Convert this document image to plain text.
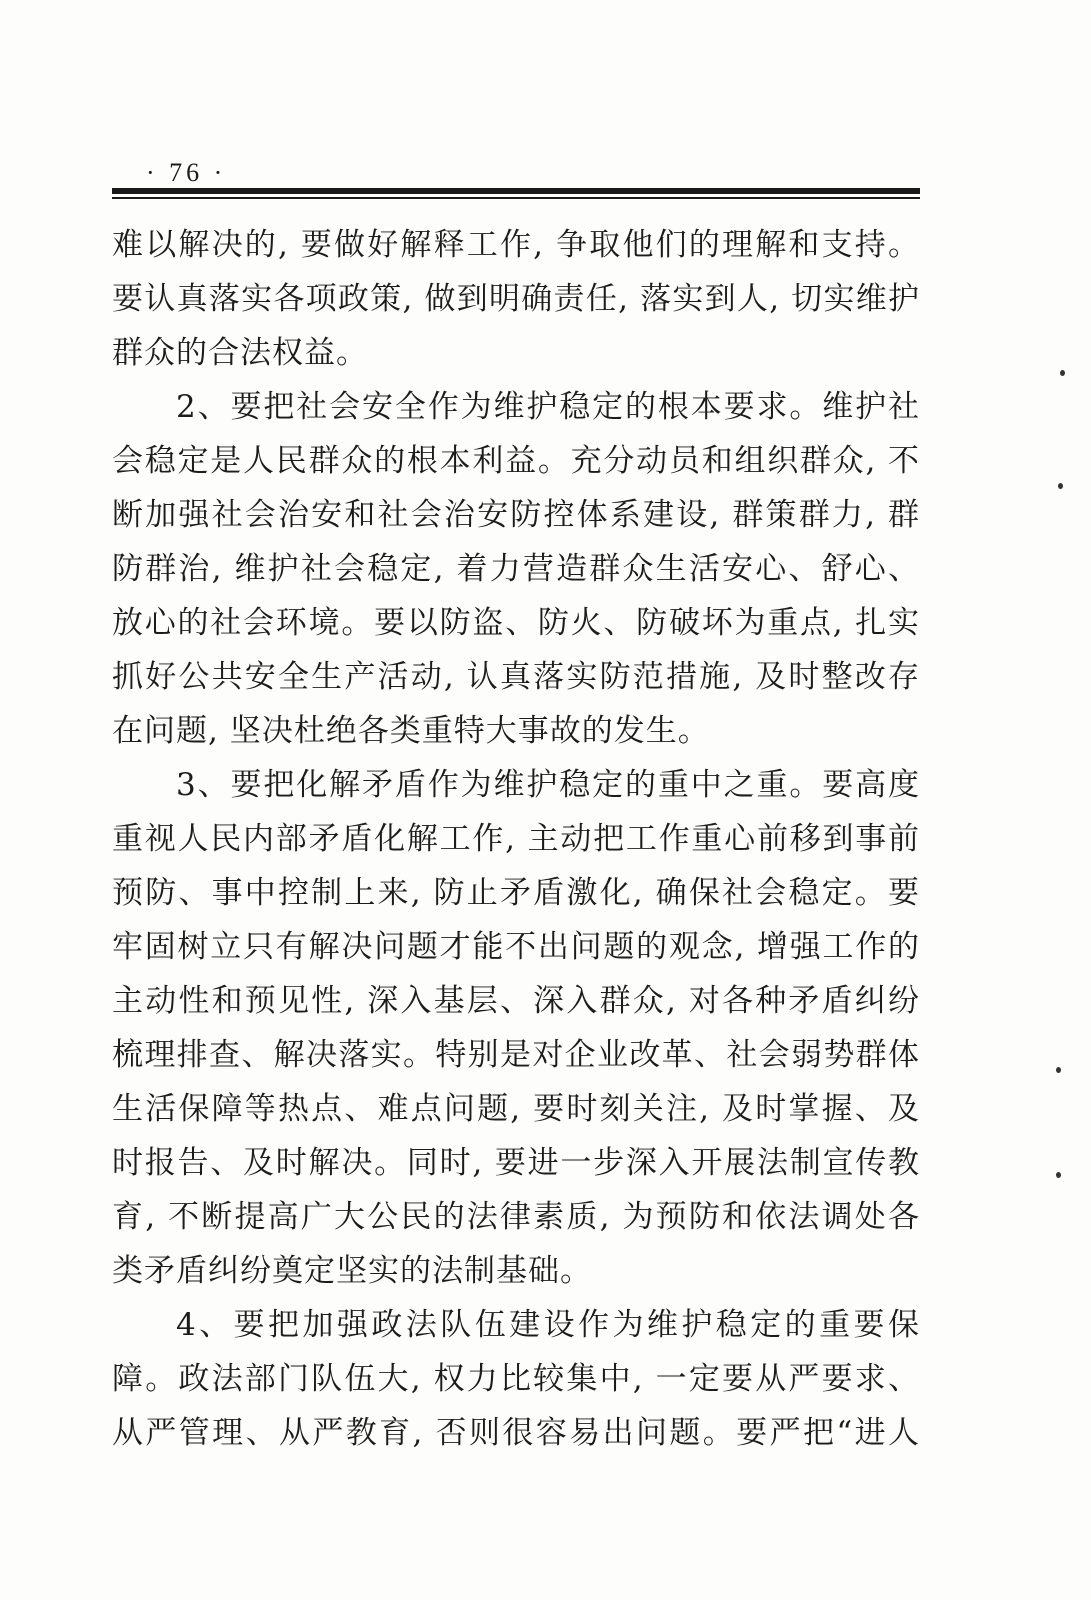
· 76 ·

难以解决的, 要做好解释工作, 争取他们的理解和支持。要认真落实各项政策, 做到明确责任, 落实到人, 切实维护群众的合法权益。

2、要把社会安全作为维护稳定的根本要求。维护社会稳定是人民群众的根本利益。充分动员和组织群众, 不断加强社会治安和社会治安防控体系建设, 群策群力, 群防群治, 维护社会稳定, 着力营造群众生活安心、舒心、放心的社会环境。要以防盗、防火、防破坏为重点, 扎实抓好公共安全生产活动, 认真落实防范措施, 及时整改存在问题, 坚决杜绝各类重特大事故的发生。

3、要把化解矛盾作为维护稳定的重中之重。要高度重视人民内部矛盾化解工作, 主动把工作重心前移到事前预防、事中控制上来, 防止矛盾激化, 确保社会稳定。要牢固树立只有解决问题才能不出问题的观念, 增强工作的主动性和预见性, 深入基层、深入群众, 对各种矛盾纠纷梳理排查、解决落实。特别是对企业改革、社会弱势群体生活保障等热点、难点问题, 要时刻关注, 及时掌握、及时报告、及时解决。同时, 要进一步深入开展法制宣传教育, 不断提高广大公民的法律素质, 为预防和依法调处各类矛盾纠纷奠定坚实的法制基础。

4、要把加强政法队伍建设作为维护稳定的重要保障。政法部门队伍大, 权力比较集中, 一定要从严要求、从严管理、从严教育, 否则很容易出问题。要严把“进人
